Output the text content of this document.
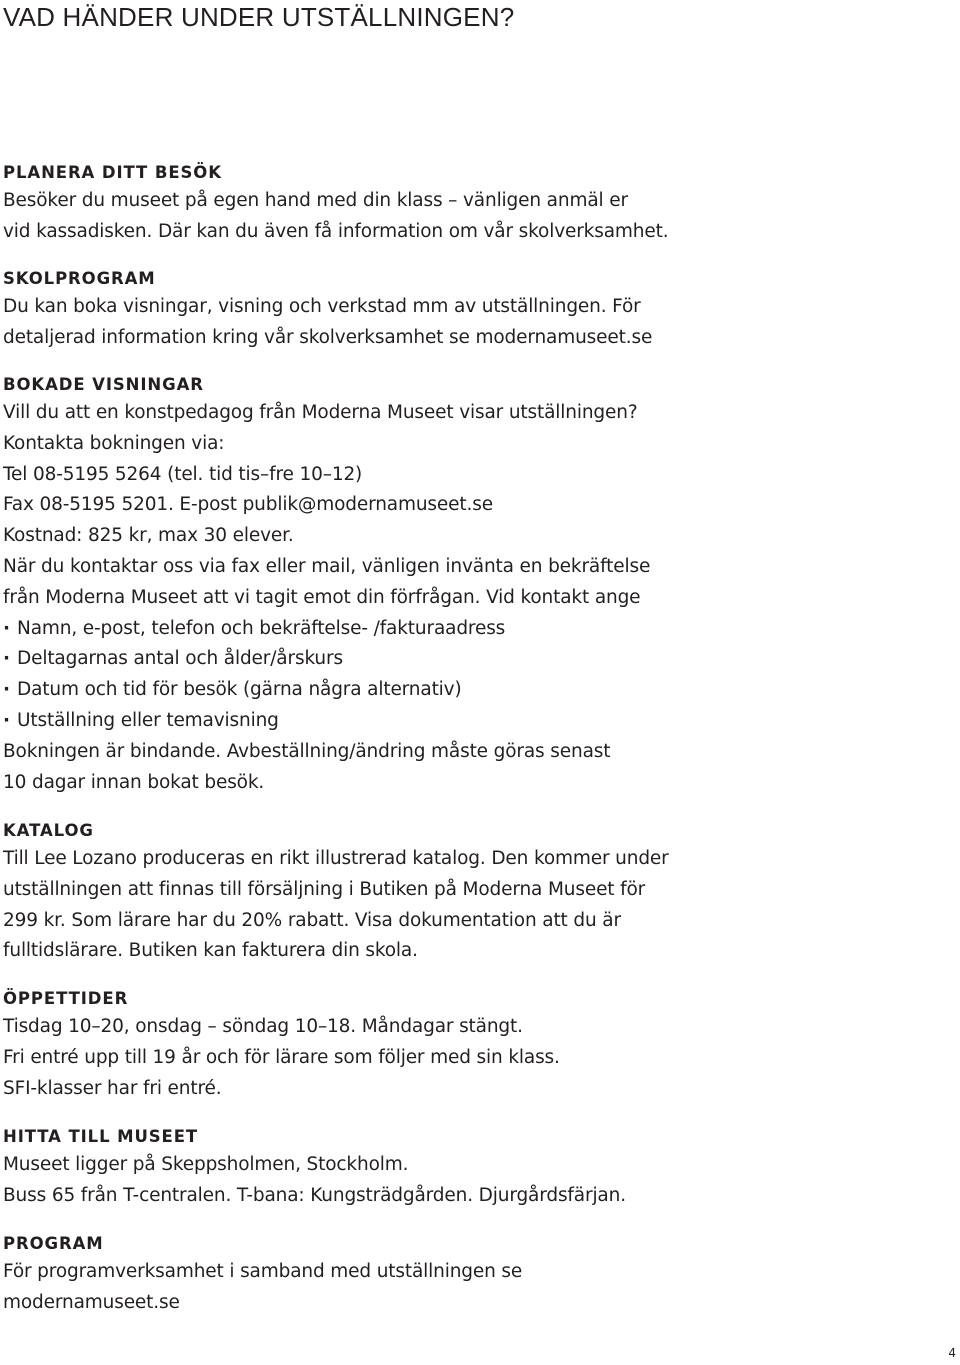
VAD HÄNDER UNDER UTSTÄLLNINGEN?
PLANERA DITT BESÖK
Besöker du museet på egen hand med din klass – vänligen anmäl er
vid kassadisken. Där kan du även få information om vår skolverksamhet.
SKOLPROGRAM
Du kan boka visningar, visning och verkstad mm av utställningen. För
detaljerad information kring vår skolverksamhet se modernamuseet.se
BOKADE VISNINGAR
Vill du att en konstpedagog från Moderna Museet visar utställningen?
Kontakta bokningen via:
Tel 08-5195 5264 (tel. tid tis–fre 10–12)
Fax 08-5195 5201. E-post publik@modernamuseet.se
Kostnad: 825 kr, max 30 elever.
När du kontaktar oss via fax eller mail, vänligen invänta en bekräftelse
från Moderna Museet att vi tagit emot din förfrågan. Vid kontakt ange
· Namn, e-post, telefon och bekräftelse- /fakturaadress
· Deltagarnas antal och ålder/årskurs
· Datum och tid för besök (gärna några alternativ)
· Utställning eller temavisning
Bokningen är bindande. Avbeställning/ändring måste göras senast
10 dagar innan bokat besök.
KATALOG
Till Lee Lozano produceras en rikt illustrerad katalog. Den kommer under
utställningen att finnas till försäljning i Butiken på Moderna Museet för
299 kr. Som lärare har du 20% rabatt. Visa dokumentation att du är
fulltidslärare. Butiken kan fakturera din skola.
ÖPPETTIDER
Tisdag 10–20, onsdag – söndag 10–18. Måndagar stängt.
Fri entré upp till 19 år och för lärare som följer med sin klass.
SFI-klasser har fri entré.
HITTA TILL MUSEET
Museet ligger på Skeppsholmen, Stockholm.
Buss 65 från T-centralen. T-bana: Kungsträdgården. Djurgårdsfärjan.
PROGRAM
För programverksamhet i samband med utställningen se
modernamuseet.se
4
